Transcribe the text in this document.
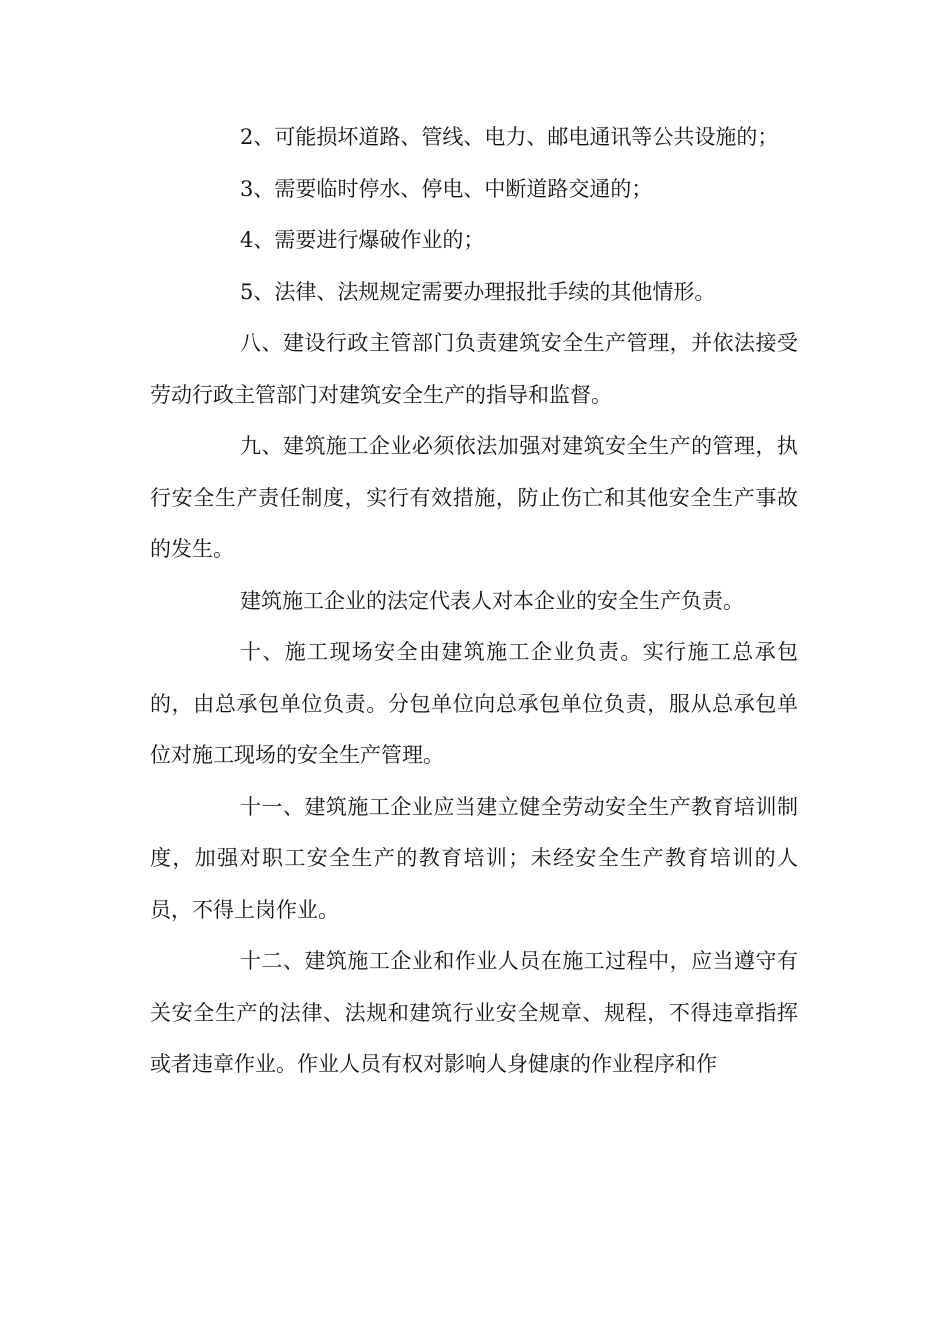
2、可能损坏道路、管线、电力、邮电通讯等公共设施的；

3、需要临时停水、停电、中断道路交通的；

4、需要进行爆破作业的；

5、法律、法规规定需要办理报批手续的其他情形。

八、建设行政主管部门负责建筑安全生产管理，并依法接受劳动行政主管部门对建筑安全生产的指导和监督。

九、建筑施工企业必须依法加强对建筑安全生产的管理，执行安全生产责任制度，实行有效措施，防止伤亡和其他安全生产事故的发生。

建筑施工企业的法定代表人对本企业的安全生产负责。

十、施工现场安全由建筑施工企业负责。实行施工总承包的，由总承包单位负责。分包单位向总承包单位负责，服从总承包单位对施工现场的安全生产管理。

十一、建筑施工企业应当建立健全劳动安全生产教育培训制度，加强对职工安全生产的教育培训；未经安全生产教育培训的人员，不得上岗作业。

十二、建筑施工企业和作业人员在施工过程中，应当遵守有关安全生产的法律、法规和建筑行业安全规章、规程，不得违章指挥或者违章作业。作业人员有权对影响人身健康的作业程序和作
